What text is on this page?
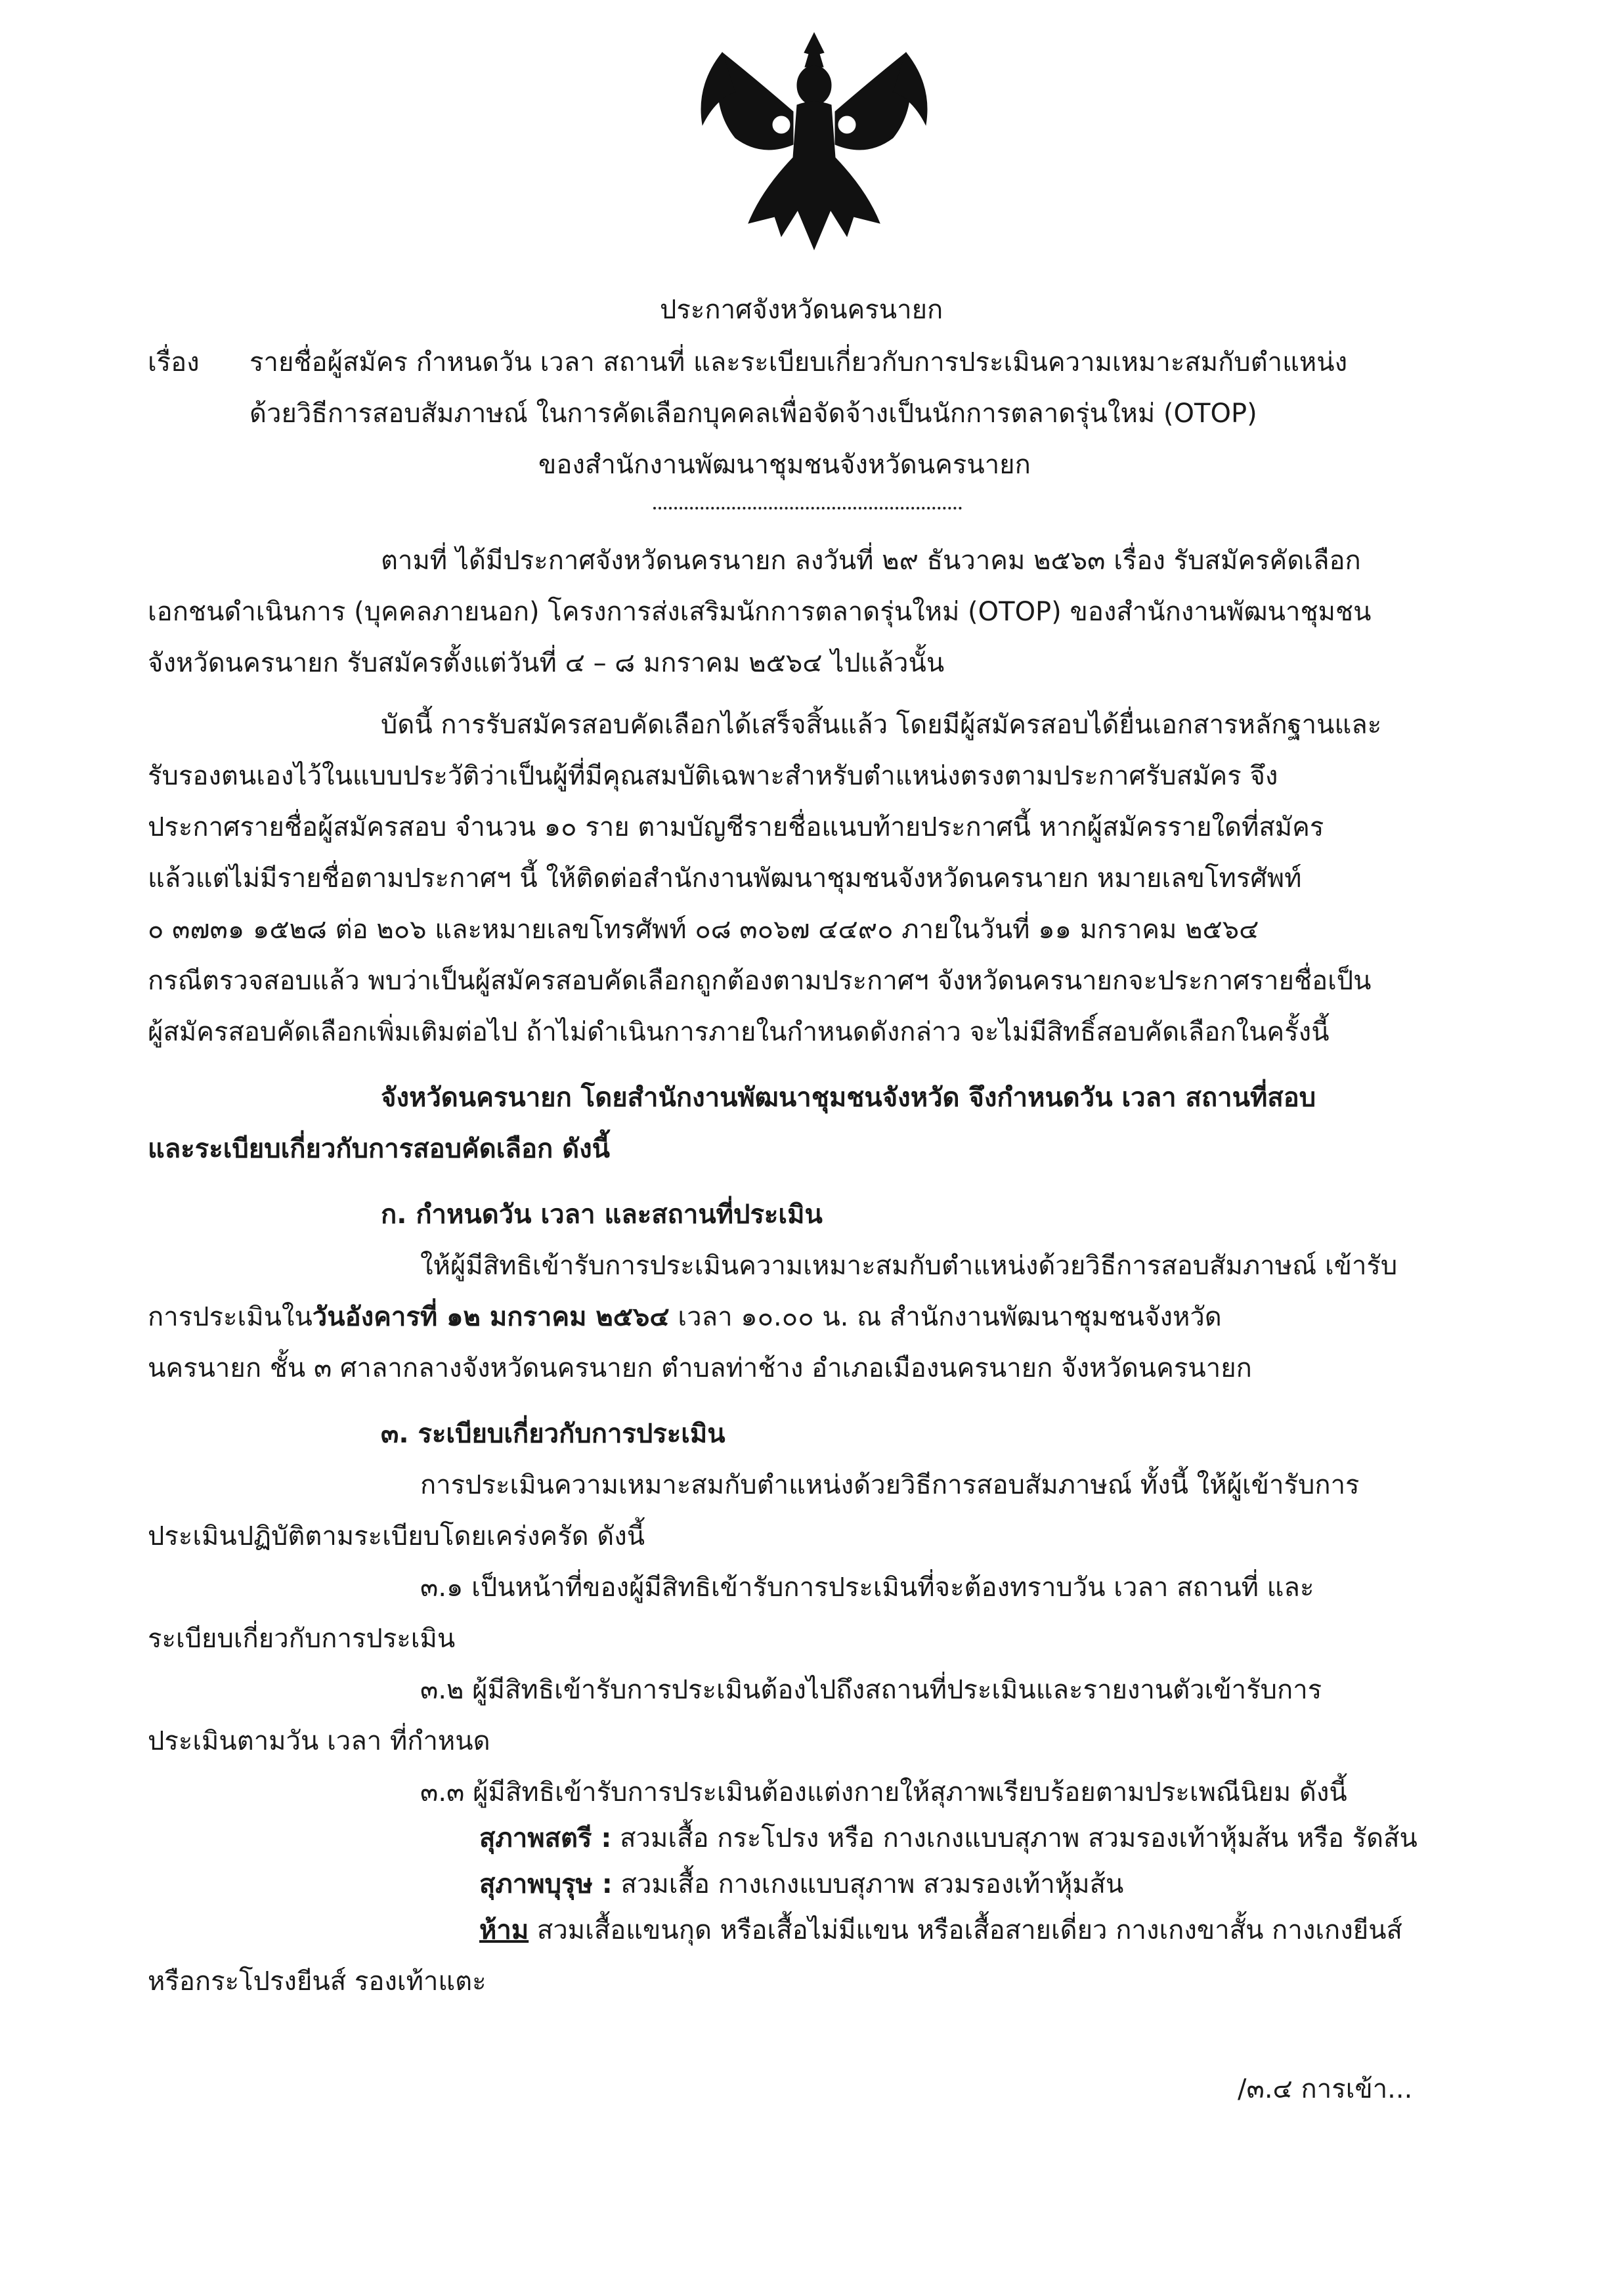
ประกาศจังหวัดนครนายก
เรื่อง รายชื่อผู้สมัคร กำหนดวัน เวลา สถานที่ และระเบียบเกี่ยวกับการประเมินความเหมาะสมกับตำแหน่ง
ด้วยวิธีการสอบสัมภาษณ์ ในการคัดเลือกบุคคลเพื่อจัดจ้างเป็นนักการตลาดรุ่นใหม่ (OTOP)
ของสำนักงานพัฒนาชุมชนจังหวัดนครนายก
ตามที่ ได้มีประกาศจังหวัดนครนายก ลงวันที่ ๒๙ ธันวาคม ๒๕๖๓ เรื่อง รับสมัครคัดเลือก
เอกชนดำเนินการ (บุคคลภายนอก) โครงการส่งเสริมนักการตลาดรุ่นใหม่ (OTOP) ของสำนักงานพัฒนาชุมชน
จังหวัดนครนายก รับสมัครตั้งแต่วันที่ ๔ – ๘ มกราคม ๒๕๖๔ ไปแล้วนั้น
บัดนี้ การรับสมัครสอบคัดเลือกได้เสร็จสิ้นแล้ว โดยมีผู้สมัครสอบได้ยื่นเอกสารหลักฐานและ
รับรองตนเองไว้ในแบบประวัติว่าเป็นผู้ที่มีคุณสมบัติเฉพาะสำหรับตำแหน่งตรงตามประกาศรับสมัคร จึง
ประกาศรายชื่อผู้สมัครสอบ จำนวน ๑๐ ราย ตามบัญชีรายชื่อแนบท้ายประกาศนี้ หากผู้สมัครรายใดที่สมัคร
แล้วแต่ไม่มีรายชื่อตามประกาศฯ นี้ ให้ติดต่อสำนักงานพัฒนาชุมชนจังหวัดนครนายก หมายเลขโทรศัพท์
๐ ๓๗๓๑ ๑๕๒๘ ต่อ ๒๐๖ และหมายเลขโทรศัพท์ ๐๘ ๓๐๖๗ ๔๔๙๐ ภายในวันที่ ๑๑ มกราคม ๒๕๖๔
กรณีตรวจสอบแล้ว พบว่าเป็นผู้สมัครสอบคัดเลือกถูกต้องตามประกาศฯ จังหวัดนครนายกจะประกาศรายชื่อเป็น
ผู้สมัครสอบคัดเลือกเพิ่มเติมต่อไป ถ้าไม่ดำเนินการภายในกำหนดดังกล่าว จะไม่มีสิทธิ์สอบคัดเลือกในครั้งนี้
จังหวัดนครนายก โดยสำนักงานพัฒนาชุมชนจังหวัด จึงกำหนดวัน เวลา สถานที่สอบ
และระเบียบเกี่ยวกับการสอบคัดเลือก ดังนี้
ก. กำหนดวัน เวลา และสถานที่ประเมิน
ให้ผู้มีสิทธิเข้ารับการประเมินความเหมาะสมกับตำแหน่งด้วยวิธีการสอบสัมภาษณ์ เข้ารับ
การประเมินในวันอังคารที่ ๑๒ มกราคม ๒๕๖๔ เวลา ๑๐.๐๐ น. ณ สำนักงานพัฒนาชุมชนจังหวัด
นครนายก ชั้น ๓ ศาลากลางจังหวัดนครนายก ตำบลท่าช้าง อำเภอเมืองนครนายก จังหวัดนครนายก
๓. ระเบียบเกี่ยวกับการประเมิน
การประเมินความเหมาะสมกับตำแหน่งด้วยวิธีการสอบสัมภาษณ์ ทั้งนี้ ให้ผู้เข้ารับการ
ประเมินปฏิบัติตามระเบียบโดยเคร่งครัด ดังนี้
๓.๑ เป็นหน้าที่ของผู้มีสิทธิเข้ารับการประเมินที่จะต้องทราบวัน เวลา สถานที่ และ
ระเบียบเกี่ยวกับการประเมิน
๓.๒ ผู้มีสิทธิเข้ารับการประเมินต้องไปถึงสถานที่ประเมินและรายงานตัวเข้ารับการ
ประเมินตามวัน เวลา ที่กำหนด
๓.๓ ผู้มีสิทธิเข้ารับการประเมินต้องแต่งกายให้สุภาพเรียบร้อยตามประเพณีนิยม ดังนี้
สุภาพสตรี : สวมเสื้อ กระโปรง หรือ กางเกงแบบสุภาพ สวมรองเท้าหุ้มส้น หรือ รัดส้น
สุภาพบุรุษ : สวมเสื้อ กางเกงแบบสุภาพ สวมรองเท้าหุ้มส้น
ห้าม สวมเสื้อแขนกุด หรือเสื้อไม่มีแขน หรือเสื้อสายเดี่ยว กางเกงขาสั้น กางเกงยีนส์
หรือกระโปรงยีนส์ รองเท้าแตะ
/๓.๔ การเข้า...
